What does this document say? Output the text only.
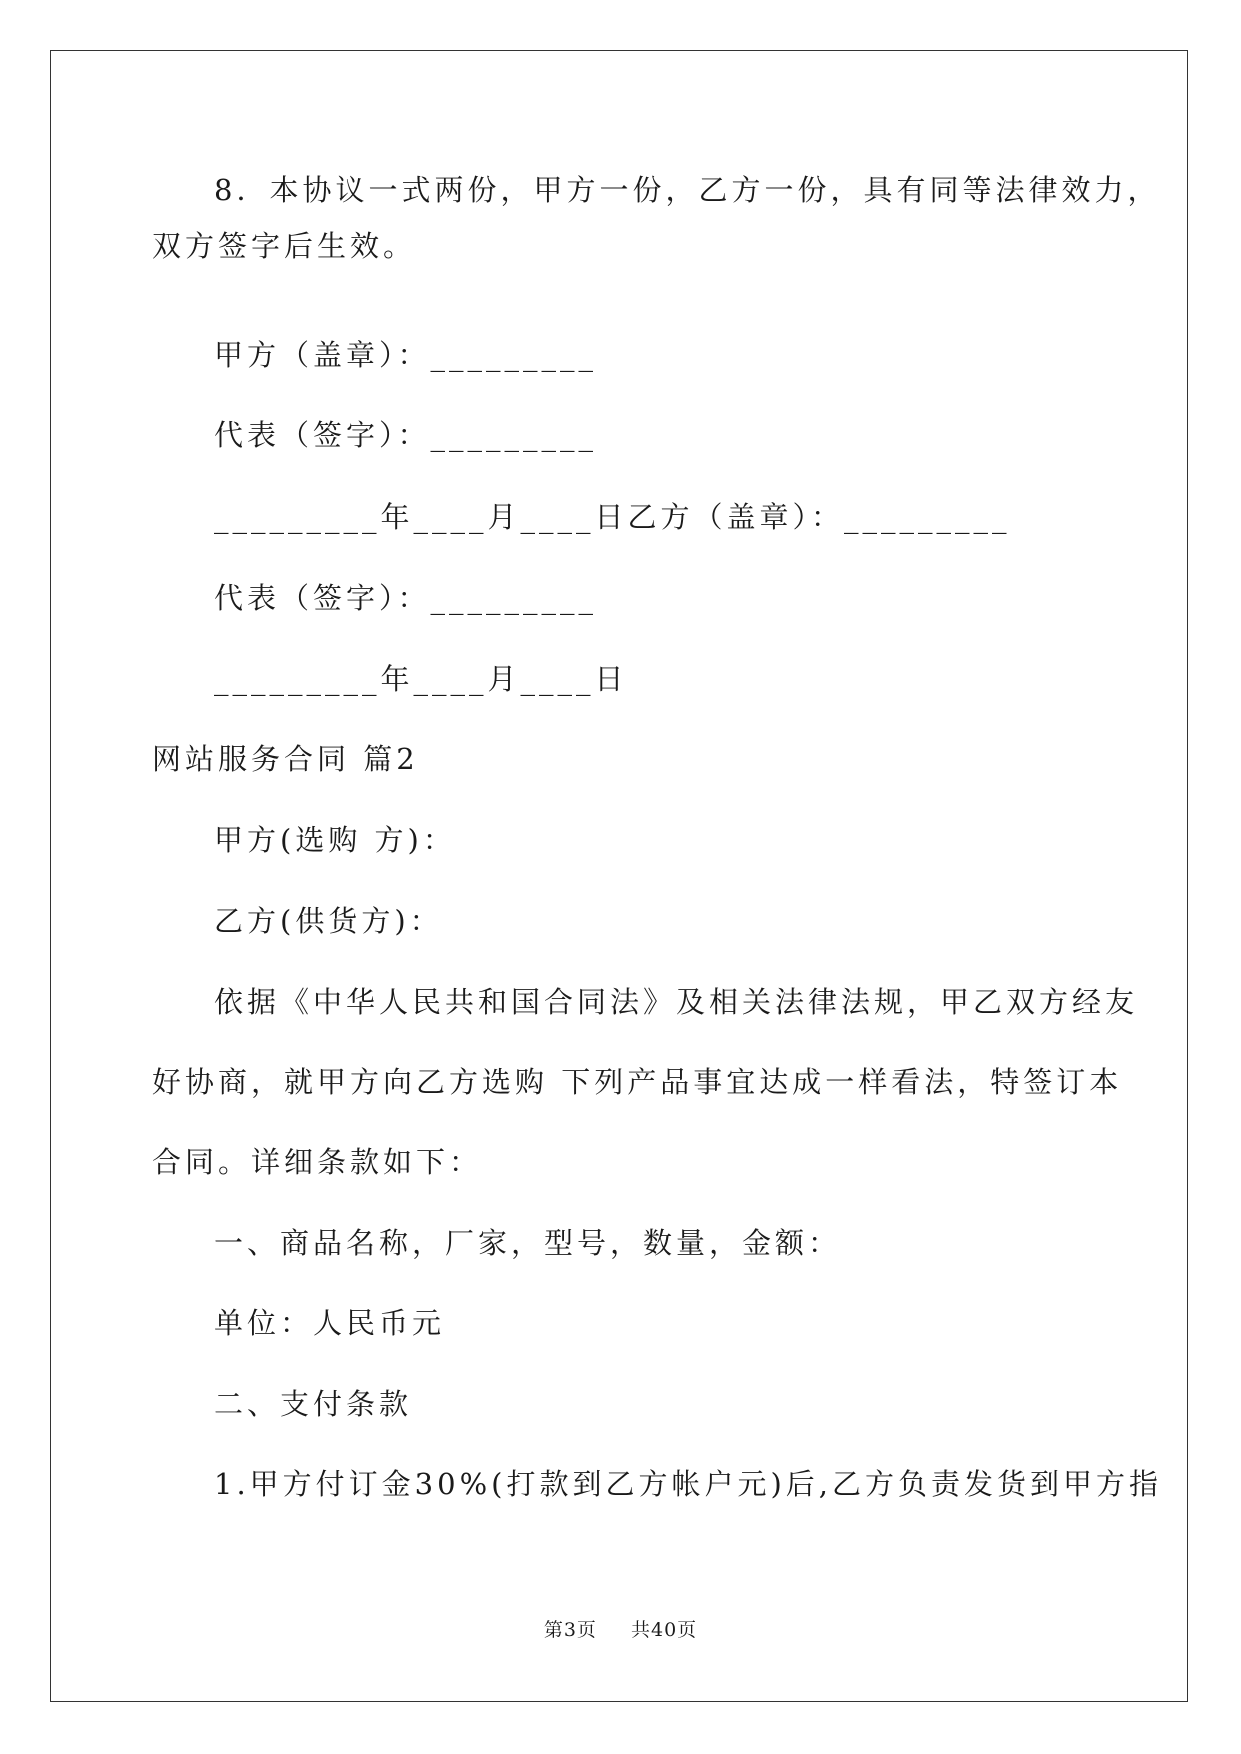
8．本协议一式两份，甲方一份，乙方一份，具有同等法律效力，
双方签字后生效。
甲方（盖章）：_________
代表（签字）：_________
_________年____月____日乙方（盖章）：_________
代表（签字）：_________
_________年____月____日
网站服务合同 篇2
甲方(选购 方)：
乙方(供货方)：
依据《中华人民共和国合同法》及相关法律法规，甲乙双方经友
好协商，就甲方向乙方选购 下列产品事宜达成一样看法，特签订本
合同。详细条款如下：
一、商品名称，厂家，型号，数量，金额：
单位：人民币元
二、支付条款
1.甲方付订金30%(打款到乙方帐户元)后,乙方负责发货到甲方指
第3页 共40页
